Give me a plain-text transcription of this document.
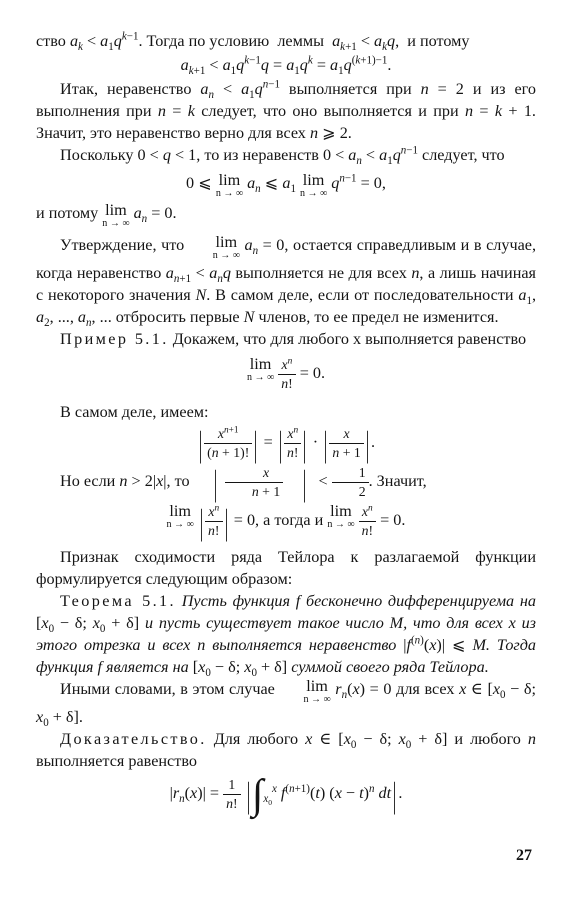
ство $a_k < a_1q^{k-1}$. Тогда по условию  леммы  $a_{k+1} < a_kq$,  и потому

$a_{k+1} < a_1q^{k-1}q = a_1q^k = a_1q^{(k+1)-1}$.

Итак, неравенство $a_n < a_1q^{n-1}$ выполняется при n = 2 и из его выполнения при n = k следует, что оно выполняется и при n = k + 1. Значит, это неравенство верно для всех n ⩾ 2.

Поскольку 0 < q < 1, то из неравенств $0 < a_n < a_1q^{n-1}$ следует, что

0 ⩽ lim
n → ∞
$a_n$ ⩽ $a_1$ lim
n → ∞
$q^{n-1} = 0$,

и потому lim
n → ∞
$a_n = 0$.

Утверждение, что lim
n → ∞
$a_n = 0$, остается справедливым и в случае, когда неравенство $a_{n+1} < a_nq$ выполняется не для всех n, а лишь начиная с некоторого значения N. В самом деле, если от последовательности $a_1$, $a_2$, ..., $a_n$, ... отбросить первые N членов, то ее предел не изменится.

Пример 5.1. Докажем, что для любого x выполняется равенство

lim
n → ∞
$\frac{x^n}{n!} = 0$.

В самом деле, имеем:

| $\frac{x^{n+1}}{(n + 1)!}$ | = | $\frac{x^n}{n!}$ | · | $\frac{x}{n + 1}$ | .

Но если n > 2|x|, то | $\frac{x}{n + 1}$ | < $\frac{1}{2}$ . Значит,

lim
n → ∞ | $\frac{x^n}{n!}$ | = 0, а тогда и lim
n → ∞
$\frac{x^n}{n!} = 0$.

Признак сходимости ряда Тейлора к разлагаемой функции формулируется следующим образом:

Теорема 5.1. Пусть функция f бесконечно дифференцируема на [$x_0 - \delta$; $x_0 + \delta$] и пусть существует такое число M, что для всех x из этого отрезка и всех n выполняется неравенство $|f^{(n)}(x)|$ ⩽ M. Тогда функция f является на [$x_0 - \delta$; $x_0 + \delta$] суммой своего ряда Тейлора.

Иными словами, в этом случае lim
n → ∞
$r_n(x) = 0$ для всех x ∈ [$x_0 - \delta$; $x_0 + \delta$].

Доказательство. Для любого x ∈ [$x_0 - \delta$; $x_0 + \delta$] и любого n выполняется равенство

$|r_n(x)| = \frac{1}{n!} |\int_{x_0}^x$ $f^{(n+1)}(t) (x - t)^n$ dt| .

27
